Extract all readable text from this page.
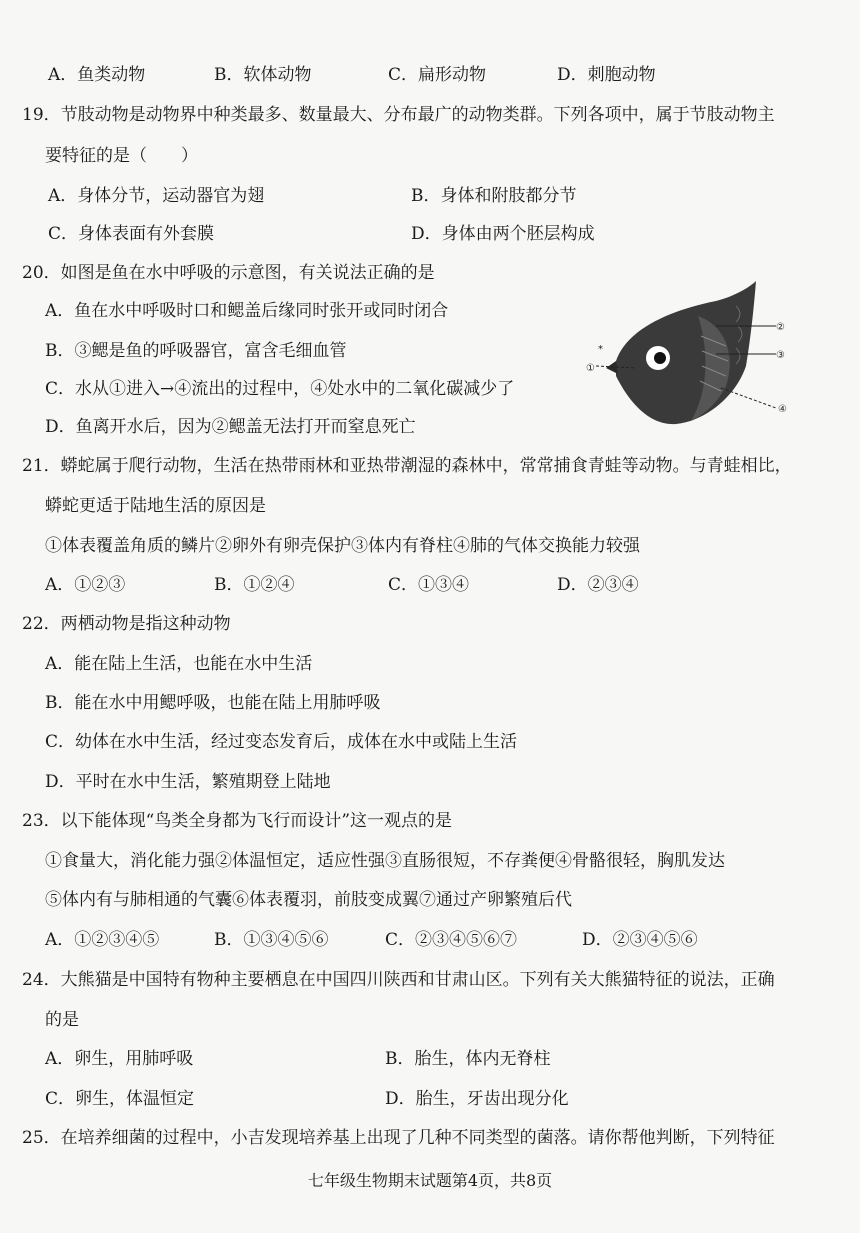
A．鱼类动物	B．软体动物	C．扁形动物	D．刺胞动物
19．节肢动物是动物界中种类最多、数量最大、分布最广的动物类群。下列各项中，属于节肢动物主
要特征的是（　　）
A．身体分节，运动器官为翅	B．身体和附肢都分节
C．身体表面有外套膜	D．身体由两个胚层构成
20．如图是鱼在水中呼吸的示意图，有关说法正确的是
A．鱼在水中呼吸时口和鳃盖后缘同时张开或同时闭合
B．③鳃是鱼的呼吸器官，富含毛细血管
C．水从①进入→④流出的过程中，④处水中的二氧化碳减少了
D．鱼离开水后，因为②鳃盖无法打开而窒息死亡
①
②
③
④
*
21．蟒蛇属于爬行动物，生活在热带雨林和亚热带潮湿的森林中，常常捕食青蛙等动物。与青蛙相比，
蟒蛇更适于陆地生活的原因是
①体表覆盖角质的鳞片②卵外有卵壳保护③体内有脊柱④肺的气体交换能力较强
A．①②③	B．①②④	C．①③④	D．②③④
22．两栖动物是指这种动物
A．能在陆上生活，也能在水中生活
B．能在水中用鳃呼吸，也能在陆上用肺呼吸
C．幼体在水中生活，经过变态发育后，成体在水中或陆上生活
D．平时在水中生活，繁殖期登上陆地
23．以下能体现“鸟类全身都为飞行而设计”这一观点的是
①食量大，消化能力强②体温恒定，适应性强③直肠很短，不存粪便④骨骼很轻，胸肌发达
⑤体内有与肺相通的气囊⑥体表覆羽，前肢变成翼⑦通过产卵繁殖后代
A．①②③④⑤	B．①③④⑤⑥	C．②③④⑤⑥⑦	D．②③④⑤⑥
24．大熊猫是中国特有物种主要栖息在中国四川陕西和甘肃山区。下列有关大熊猫特征的说法，正确
的是
A．卵生，用肺呼吸	B．胎生，体内无脊柱
C．卵生，体温恒定	D．胎生，牙齿出现分化
25．在培养细菌的过程中，小吉发现培养基上出现了几种不同类型的菌落。请你帮他判断，下列特征
七年级生物期末试题第4页，共8页
